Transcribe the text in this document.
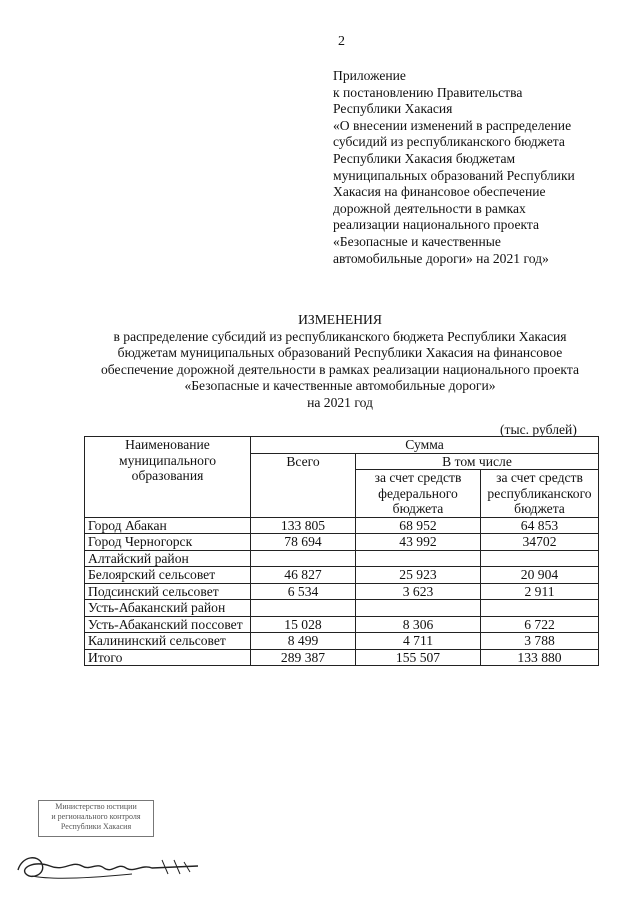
2
Приложение
к постановлению Правительства
Республики Хакасия
«О внесении изменений в распределение
субсидий из республиканского бюджета
Республики Хакасия бюджетам
муниципальных образований Республики
Хакасия на финансовое обеспечение
дорожной деятельности в рамках
реализации национального проекта
«Безопасные и качественные
автомобильные дороги» на 2021 год»
ИЗМЕНЕНИЯ
в распределение субсидий из республиканского бюджета Республики Хакасия
бюджетам муниципальных образований Республики Хакасия на финансовое
обеспечение дорожной деятельности в рамках реализации национального проекта
«Безопасные и качественные автомобильные дороги»
на 2021 год
(тыс. рублей)
Наименование муниципального образования	Сумма		
	Всего	В том числе	
		за счет средств федерального бюджета	за счет средств республиканского бюджета
Город Абакан	133 805	68 952	64 853
Город Черногорск	78 694	43 992	34702
Алтайский район			
Белоярский сельсовет	46 827	25 923	20 904
Подсинский сельсовет	6 534	3 623	2 911
Усть-Абаканский район			
Усть-Абаканский поссовет	15 028	8 306	6 722
Калининский сельсовет	8 499	4 711	3 788
Итого	289 387	155 507	133 880
Министерство юстиции
и регионального контроля
Республики Хакасия
